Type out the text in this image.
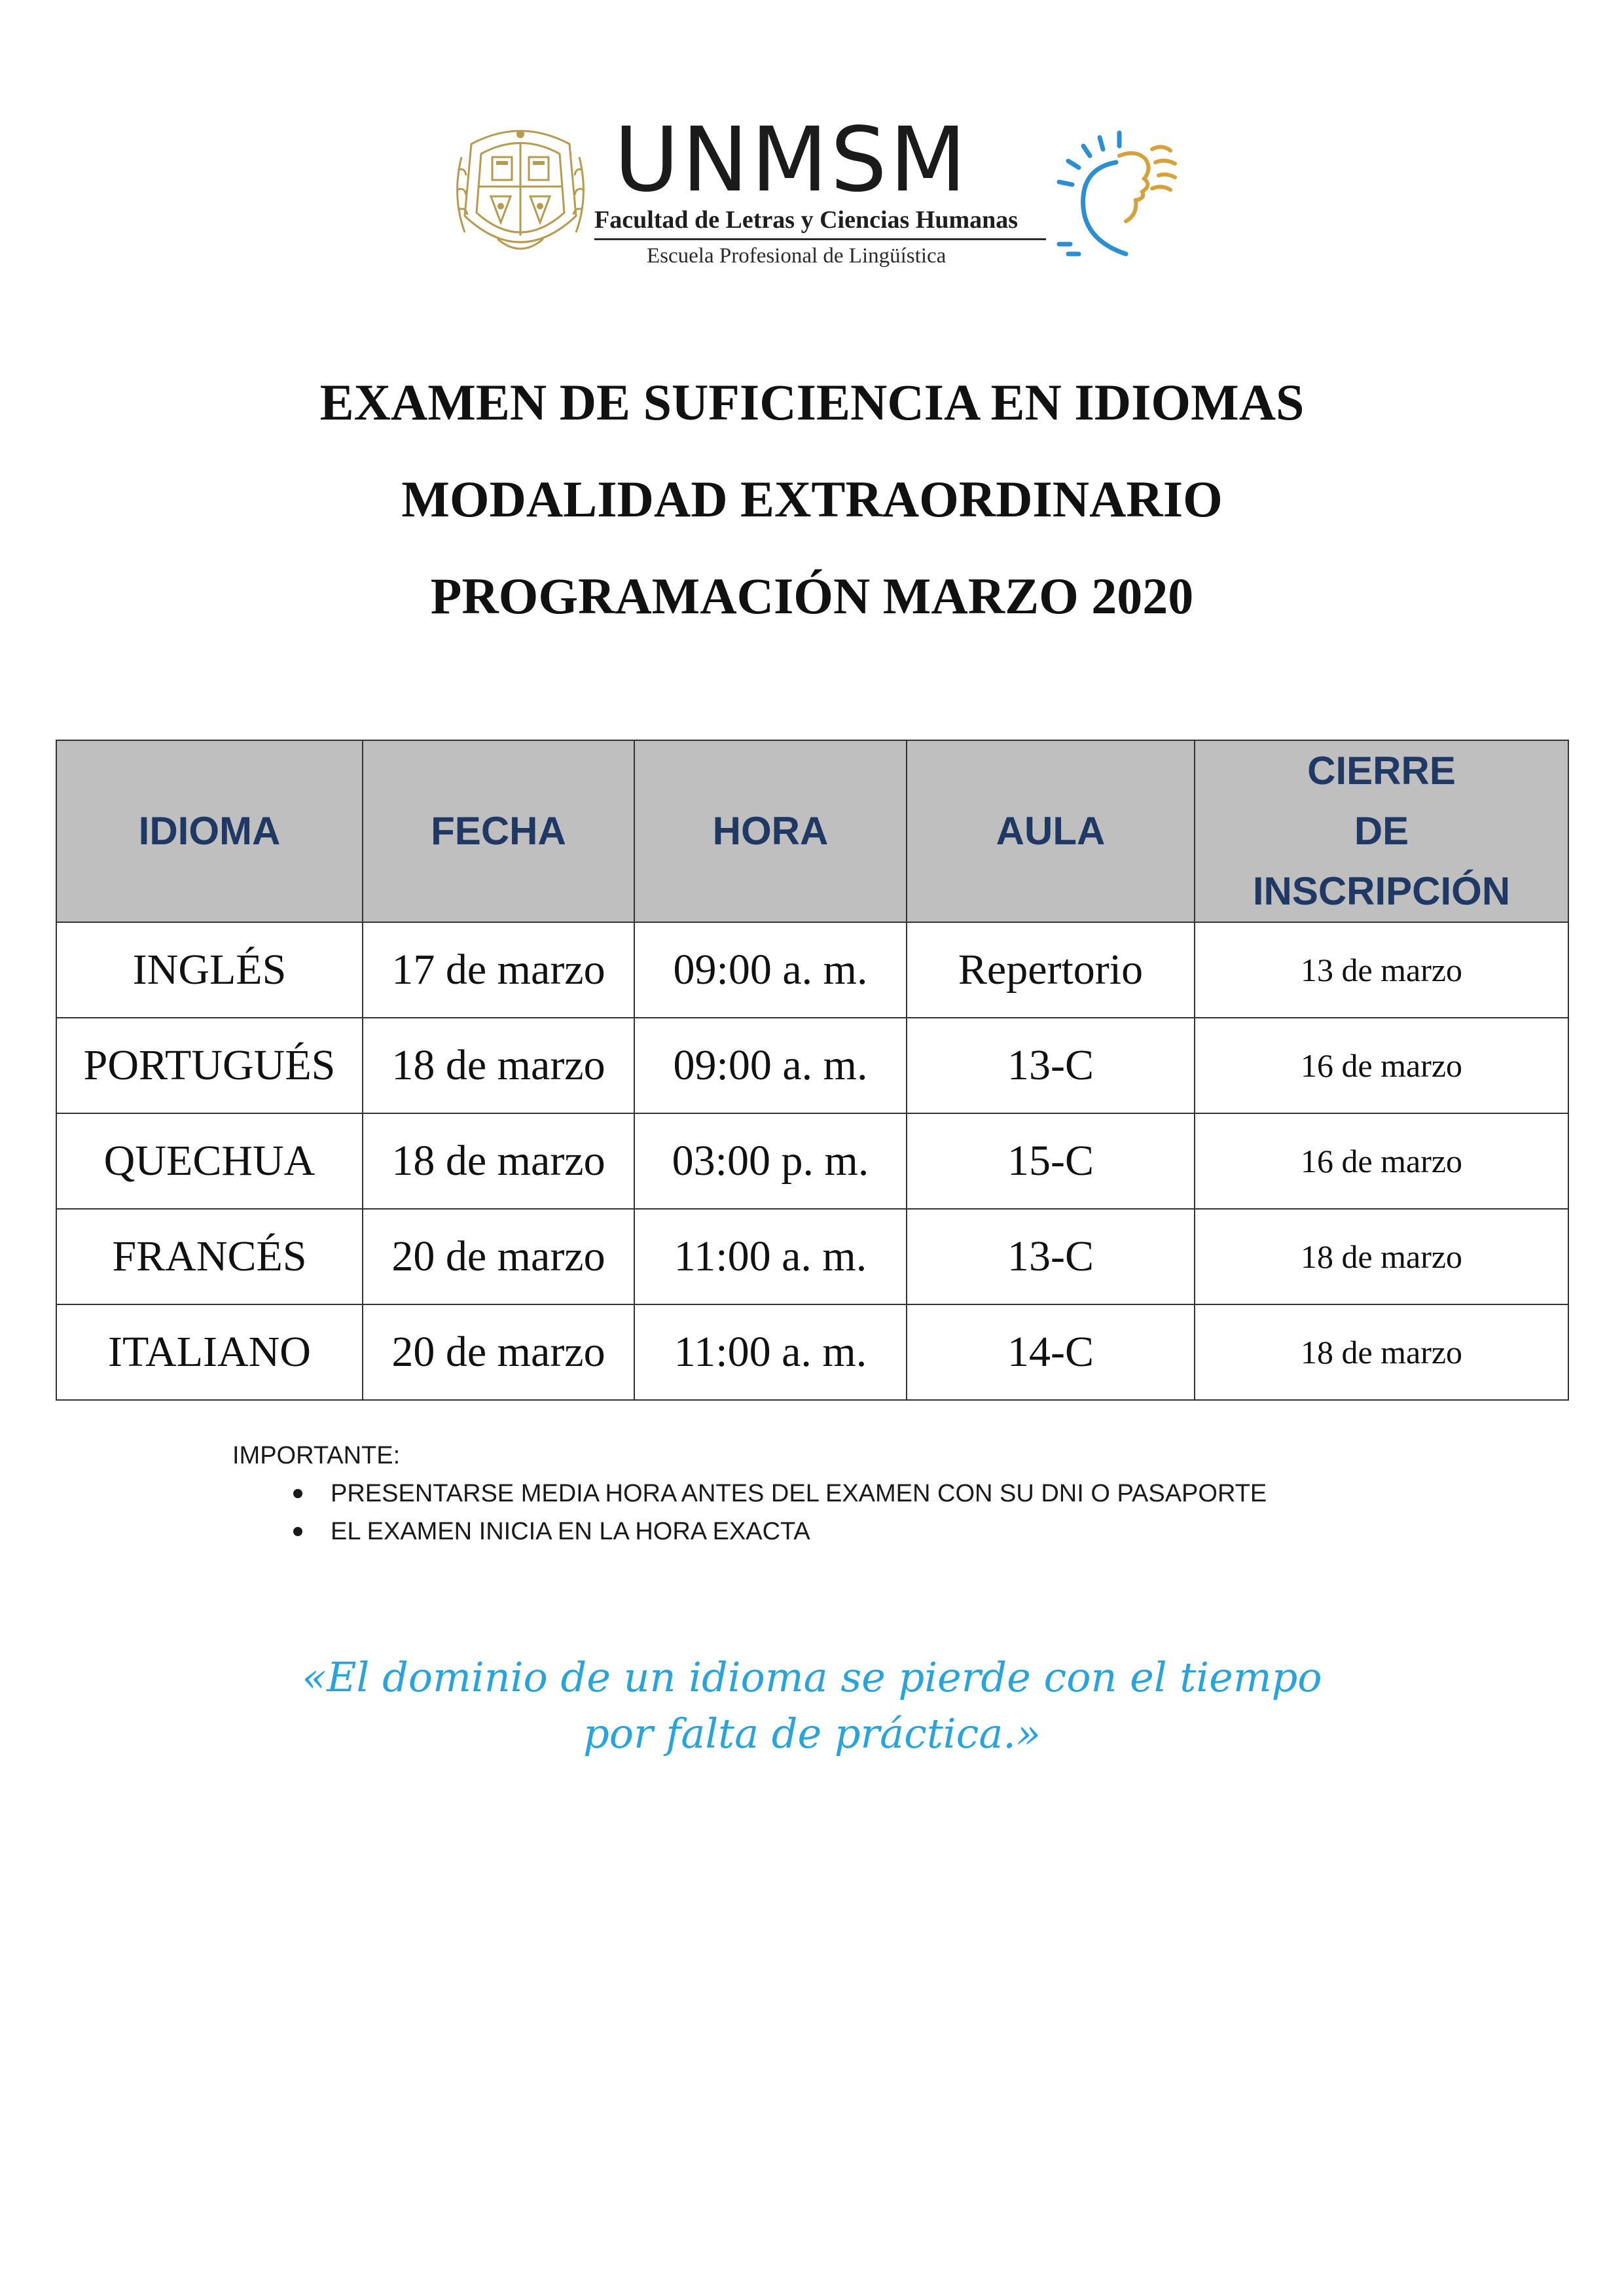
UNMSM
Facultad de Letras y Ciencias Humanas
Escuela Profesional de Lingüística
EXAMEN DE SUFICIENCIA EN IDIOMAS
MODALIDAD EXTRAORDINARIO
PROGRAMACIÓN MARZO 2020
IDIOMA	FECHA	HORA	AULA	CIERRE
DE
INSCRIPCIÓN

INGLÉS	17 de marzo	09:00 a. m.	Repertorio	13 de marzo
PORTUGUÉS	18 de marzo	09:00 a. m.	13-C	16 de marzo
QUECHUA	18 de marzo	03:00 p. m.	15-C	16 de marzo
FRANCÉS	20 de marzo	11:00 a. m.	13-C	18 de marzo
ITALIANO	20 de marzo	11:00 a. m.	14-C	18 de marzo
IMPORTANTE:
PRESENTARSE MEDIA HORA ANTES DEL EXAMEN CON SU DNI O PASAPORTE
EL EXAMEN INICIA EN LA HORA EXACTA
«El dominio de un idioma se pierde con el tiempo
por falta de práctica.»
